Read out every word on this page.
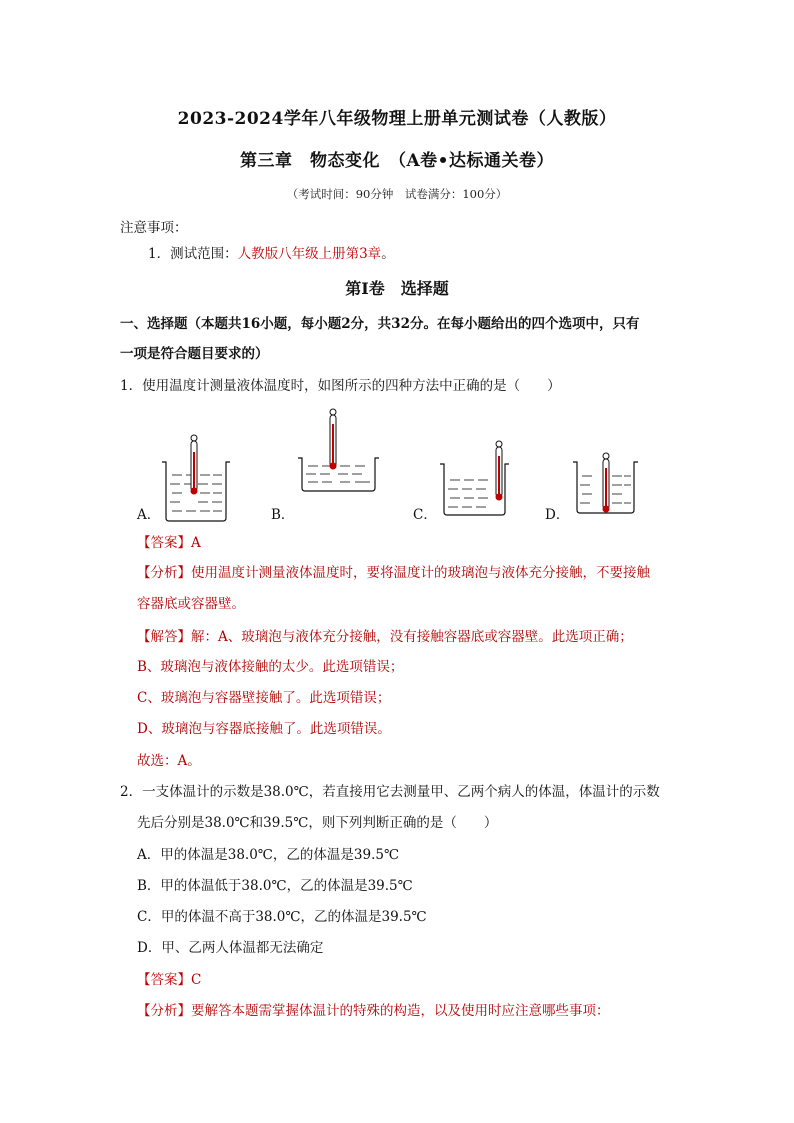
2023-2024学年八年级物理上册单元测试卷（人教版）
第三章　物态变化　（A卷•达标通关卷）
（考试时间：90分钟　试卷满分：100分）
注意事项：
1．测试范围：人教版八年级上册第3章。
第Ⅰ卷　选择题
一、选择题（本题共16小题，每小题2分，共32分。在每小题给出的四个选项中，只有
一项是符合题目要求的）
1．使用温度计测量液体温度时，如图所示的四种方法中正确的是（　　）
A．	B．	C．	D．
【答案】A
【分析】使用温度计测量液体温度时，要将温度计的玻璃泡与液体充分接触，不要接触
容器底或容器壁。
【解答】解：A、玻璃泡与液体充分接触，没有接触容器底或容器壁。此选项正确；
B、玻璃泡与液体接触的太少。此选项错误；
C、玻璃泡与容器壁接触了。此选项错误；
D、玻璃泡与容器底接触了。此选项错误。
故选：A。
2．一支体温计的示数是38.0℃，若直接用它去测量甲、乙两个病人的体温，体温计的示数
先后分别是38.0℃和39.5℃，则下列判断正确的是（　　）
A．甲的体温是38.0℃，乙的体温是39.5℃
B．甲的体温低于38.0℃，乙的体温是39.5℃
C．甲的体温不高于38.0℃，乙的体温是39.5℃
D．甲、乙两人体温都无法确定
【答案】C
【分析】要解答本题需掌握体温计的特殊的构造，以及使用时应注意哪些事项：
